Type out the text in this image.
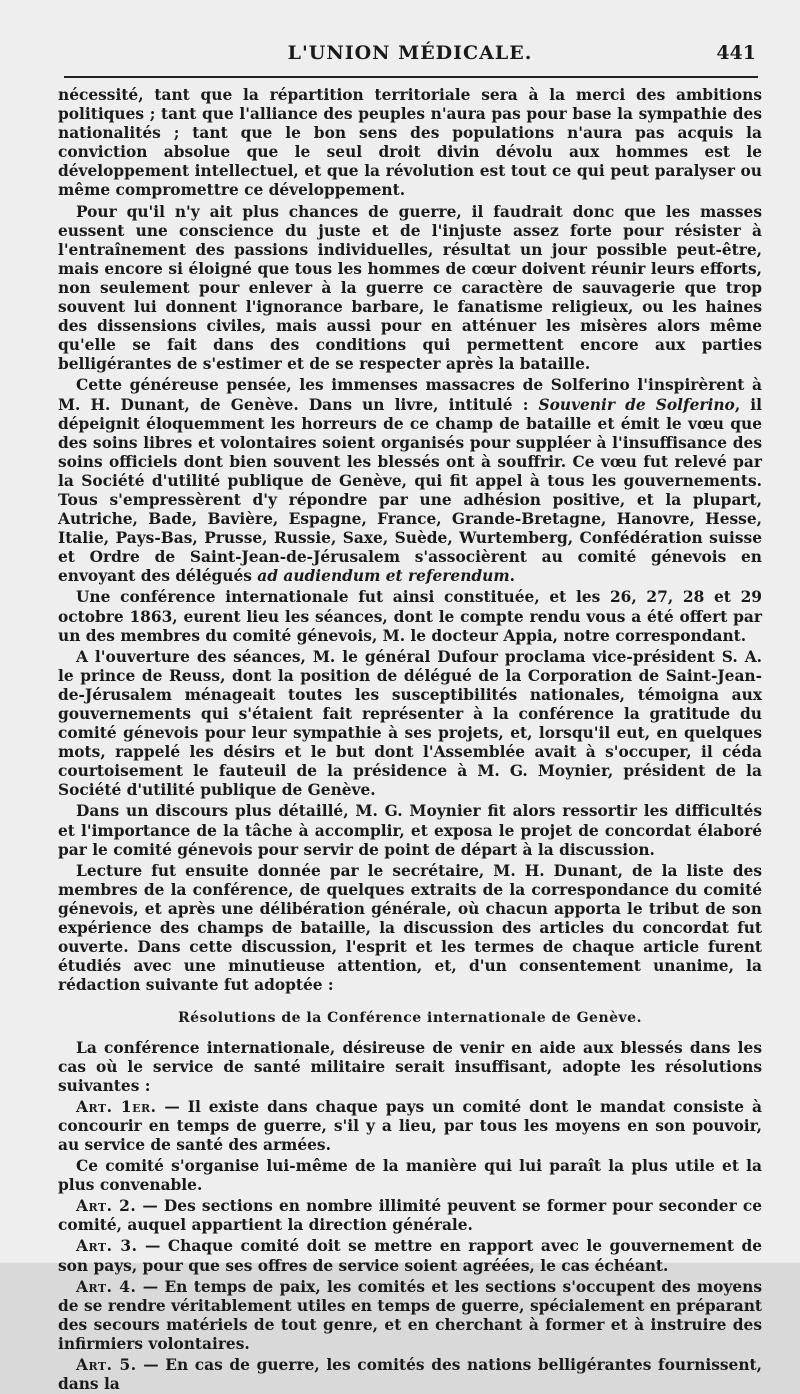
L'UNION MÉDICALE.	441

nécessité, tant que la répartition territoriale sera à la merci des ambitions politiques ; tant que l'alliance des peuples n'aura pas pour base la sympathie des nationalités ; tant que le bon sens des populations n'aura pas acquis la conviction absolue que le seul droit divin dévolu aux hommes est le développement intellectuel, et que la révolution est tout ce qui peut paralyser ou même compromettre ce développement.

Pour qu'il n'y ait plus chances de guerre, il faudrait donc que les masses eussent une conscience du juste et de l'injuste assez forte pour résister à l'entraînement des passions individuelles, résultat un jour possible peut-être, mais encore si éloigné que tous les hommes de cœur doivent réunir leurs efforts, non seulement pour enlever à la guerre ce caractère de sauvagerie que trop souvent lui donnent l'ignorance barbare, le fanatisme religieux, ou les haines des dissensions civiles, mais aussi pour en atténuer les misères alors même qu'elle se fait dans des conditions qui permettent encore aux parties belligérantes de s'estimer et de se respecter après la bataille.

Cette généreuse pensée, les immenses massacres de Solferino l'inspirèrent à M. H. Dunant, de Genève. Dans un livre, intitulé : Souvenir de Solferino, il dépeignit éloquemment les horreurs de ce champ de bataille et émit le vœu que des soins libres et volontaires soient organisés pour suppléer à l'insuffisance des soins officiels dont bien souvent les blessés ont à souffrir. Ce vœu fut relevé par la Société d'utilité publique de Genève, qui fit appel à tous les gouvernements. Tous s'empressèrent d'y répondre par une adhésion positive, et la plupart, Autriche, Bade, Bavière, Espagne, France, Grande-Bretagne, Hanovre, Hesse, Italie, Pays-Bas, Prusse, Russie, Saxe, Suède, Wurtemberg, Confédération suisse et Ordre de Saint-Jean-de-Jérusalem s'associèrent au comité génevois en envoyant des délégués ad audiendum et referendum.

Une conférence internationale fut ainsi constituée, et les 26, 27, 28 et 29 octobre 1863, eurent lieu les séances, dont le compte rendu vous a été offert par un des membres du comité génevois, M. le docteur Appia, notre correspondant.

A l'ouverture des séances, M. le général Dufour proclama vice-président S. A. le prince de Reuss, dont la position de délégué de la Corporation de Saint-Jean-de-Jérusalem ménageait toutes les susceptibilités nationales, témoigna aux gouvernements qui s'étaient fait représenter à la conférence la gratitude du comité génevois pour leur sympathie à ses projets, et, lorsqu'il eut, en quelques mots, rappelé les désirs et le but dont l'Assemblée avait à s'occuper, il céda courtoisement le fauteuil de la présidence à M. G. Moynier, président de la Société d'utilité publique de Genève.

Dans un discours plus détaillé, M. G. Moynier fit alors ressortir les difficultés et l'importance de la tâche à accomplir, et exposa le projet de concordat élaboré par le comité génevois pour servir de point de départ à la discussion.

Lecture fut ensuite donnée par le secrétaire, M. H. Dunant, de la liste des membres de la conférence, de quelques extraits de la correspondance du comité génevois, et après une délibération générale, où chacun apporta le tribut de son expérience des champs de bataille, la discussion des articles du concordat fut ouverte. Dans cette discussion, l'esprit et les termes de chaque article furent étudiés avec une minutieuse attention, et, d'un consentement unanime, la rédaction suivante fut adoptée :

Résolutions de la Conférence internationale de Genève.

La conférence internationale, désireuse de venir en aide aux blessés dans les cas où le service de santé militaire serait insuffisant, adopte les résolutions suivantes :

Art. 1er. — Il existe dans chaque pays un comité dont le mandat consiste à concourir en temps de guerre, s'il y a lieu, par tous les moyens en son pouvoir, au service de santé des armées.

Ce comité s'organise lui-même de la manière qui lui paraît la plus utile et la plus convenable.

Art. 2. — Des sections en nombre illimité peuvent se former pour seconder ce comité, auquel appartient la direction générale.

Art. 3. — Chaque comité doit se mettre en rapport avec le gouvernement de son pays, pour que ses offres de service soient agréées, le cas échéant.

Art. 4. — En temps de paix, les comités et les sections s'occupent des moyens de se rendre véritablement utiles en temps de guerre, spécialement en préparant des secours matériels de tout genre, et en cherchant à former et à instruire des infirmiers volontaires.

Art. 5. — En cas de guerre, les comités des nations belligérantes fournissent, dans la
